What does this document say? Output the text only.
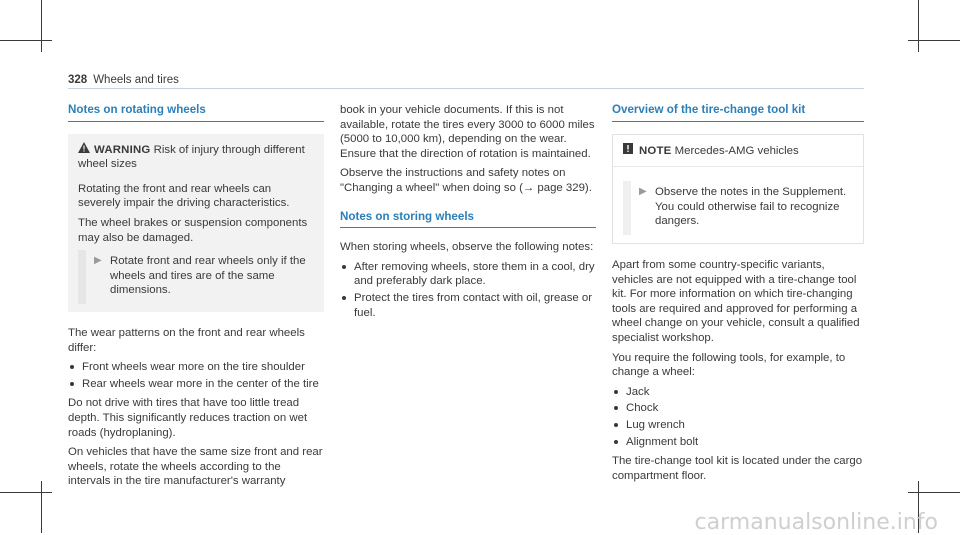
328 Wheels and tires
Notes on rotating wheels
WARNING Risk of injury through different wheel sizes

Rotating the front and rear wheels can severely impair the driving characteristics.

The wheel brakes or suspension components may also be damaged.

▶ Rotate front and rear wheels only if the wheels and tires are of the same dimensions.

The wear patterns on the front and rear wheels differ:

Front wheels wear more on the tire shoulder
Rear wheels wear more in the center of the tire

Do not drive with tires that have too little tread depth. This significantly reduces traction on wet roads (hydroplaning).

On vehicles that have the same size front and rear wheels, rotate the wheels according to the intervals in the tire manufacturer's warranty

book in your vehicle documents. If this is not available, rotate the tires every 3000 to 6000 miles (5000 to 10,000 km), depending on the wear. Ensure that the direction of rotation is maintained.

Observe the instructions and safety notes on "Changing a wheel" when doing so (→ page 329).

Notes on storing wheels

When storing wheels, observe the following notes:

After removing wheels, store them in a cool, dry and preferably dark place.
Protect the tires from contact with oil, grease or fuel.
Overview of the tire-change tool kit
NOTE Mercedes-AMG vehicles
▶ Observe the notes in the Supplement. You could otherwise fail to recognize dangers.

Apart from some country-specific variants, vehicles are not equipped with a tire-change tool kit. For more information on which tire-changing tools are required and approved for performing a wheel change on your vehicle, consult a qualified specialist workshop.

You require the following tools, for example, to change a wheel:

Jack
Chock
Lug wrench
Alignment bolt

The tire-change tool kit is located under the cargo compartment floor.

carmanualsonline.info
